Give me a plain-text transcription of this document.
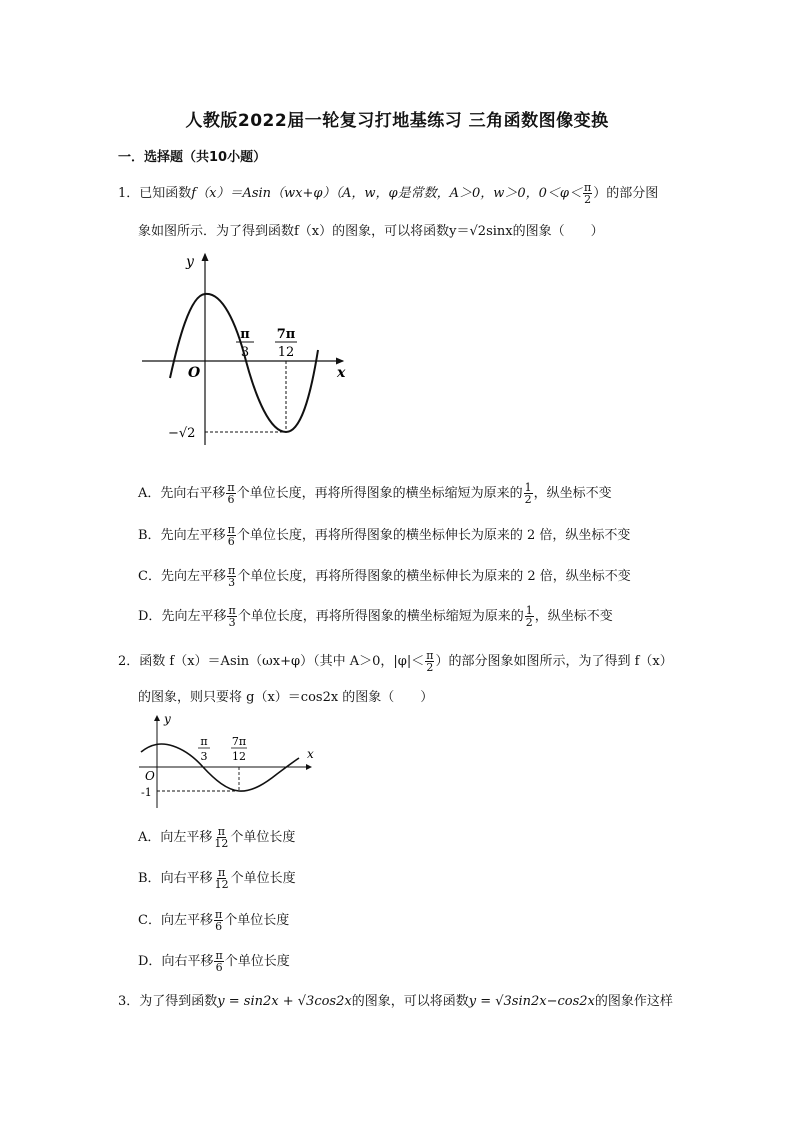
人教版2022届一轮复习打地基练习 三角函数图像变换
一．选择题（共10小题）
1．已知函数f（x）＝Asin（wx+φ）（A，w，φ是常数，A＞0，w＞0，$0<\varphi< \frac{\pi}{2}$ ）的部分图
象如图所示．为了得到函数f（x）的图象，可以将函数y＝√2sinx的图象（　　）
y
x
O
π
3
7π
12
−√2
A．先向右平移 $\frac{\pi}{6}$ 个单位长度，再将所得图象的横坐标缩短为原来的 $\frac{1}{2}$ ，纵坐标不变
B．先向左平移 $\frac{\pi}{6}$ 个单位长度，再将所得图象的横坐标伸长为原来的 2 倍，纵坐标不变
C．先向左平移 $\frac{\pi}{3}$ 个单位长度，再将所得图象的横坐标伸长为原来的 2 倍，纵坐标不变
D．先向左平移 $\frac{\pi}{3}$ 个单位长度，再将所得图象的横坐标缩短为原来的 $\frac{1}{2}$ ，纵坐标不变
2．函数 f（x）＝Asin（ωx+φ）（其中 A＞0，$|\varphi|< \frac{\pi}{2}$ ）的部分图象如图所示，为了得到 f（x）
的图象，则只要将 g（x）＝cos2x 的图象（　　）
y
x
O
π
3
7π
12
-1
A．向左平移 $\frac{\pi}{12}$ 个单位长度
B．向右平移 $\frac{\pi}{12}$ 个单位长度
C．向左平移 $\frac{\pi}{6}$ 个单位长度
D．向右平移 $\frac{\pi}{6}$ 个单位长度
3．为了得到函数y = sin2x + √3cos2x的图象，可以将函数y = √3sin2x−cos2x的图象作这样
